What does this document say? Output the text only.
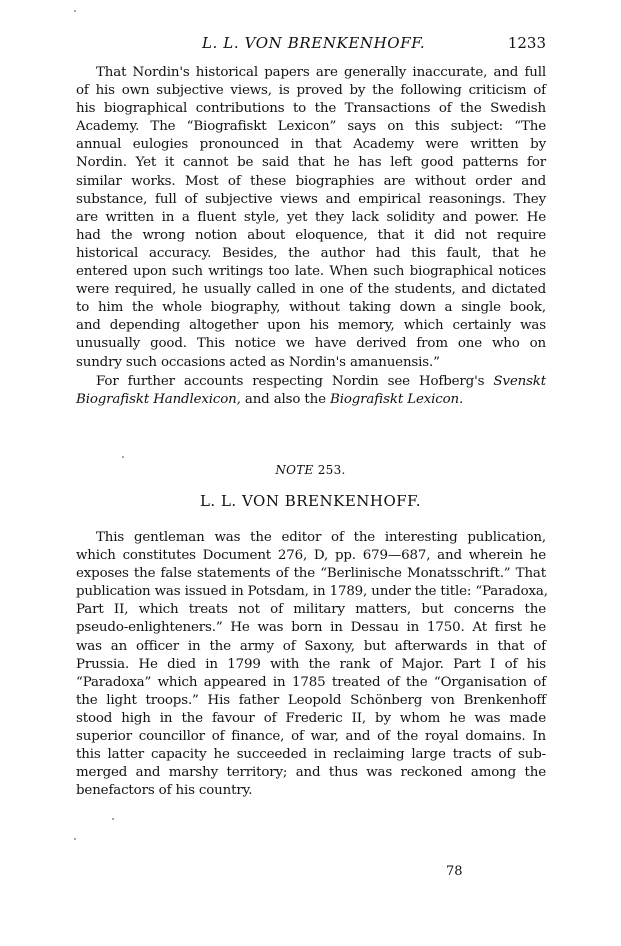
L. L. VON BRENKENHOFF.	1233
That Nordin's historical papers are generally inaccurate, and full
of his own subjective views, is proved by the following criticism of
his biographical contributions to the Transactions of the Swedish
Academy. The “Biografiskt Lexicon” says on this subject: “The
annual eulogies pronounced in that Academy were written by
Nordin. Yet it cannot be said that he has left good patterns for
similar works. Most of these biographies are without order and
substance, full of subjective views and empirical reasonings. They
are written in a fluent style, yet they lack solidity and power. He
had the wrong notion about eloquence, that it did not require
historical accuracy. Besides, the author had this fault, that he
entered upon such writings too late. When such biographical notices
were required, he usually called in one of the students, and dictated
to him the whole biography, without taking down a single book,
and depending altogether upon his memory, which certainly was
unusually good. This notice we have derived from one who on
sundry such occasions acted as Nordin's amanuensis.”
For further accounts respecting Nordin see Hofberg's Svenskt
Biografiskt Handlexicon, and also the Biografiskt Lexicon.
NOTE 253.
L. L. VON BRENKENHOFF.
This gentleman was the editor of the interesting publication,
which constitutes Document 276, D, pp. 679—687, and wherein he
exposes the false statements of the “Berlinische Monatsschrift.” That
publication was issued in Potsdam, in 1789, under the title: “Paradoxa,
Part II, which treats not of military matters, but concerns the
pseudo-enlighteners.” He was born in Dessau in 1750. At first he
was an officer in the army of Saxony, but afterwards in that of
Prussia. He died in 1799 with the rank of Major. Part I of his
“Paradoxa” which appeared in 1785 treated of the “Organisation of
the light troops.” His father Leopold Schönberg von Brenkenhoff
stood high in the favour of Frederic II, by whom he was made
superior councillor of finance, of war, and of the royal domains. In
this latter capacity he succeeded in reclaiming large tracts of sub-
merged and marshy territory; and thus was reckoned among the
benefactors of his country.
78
